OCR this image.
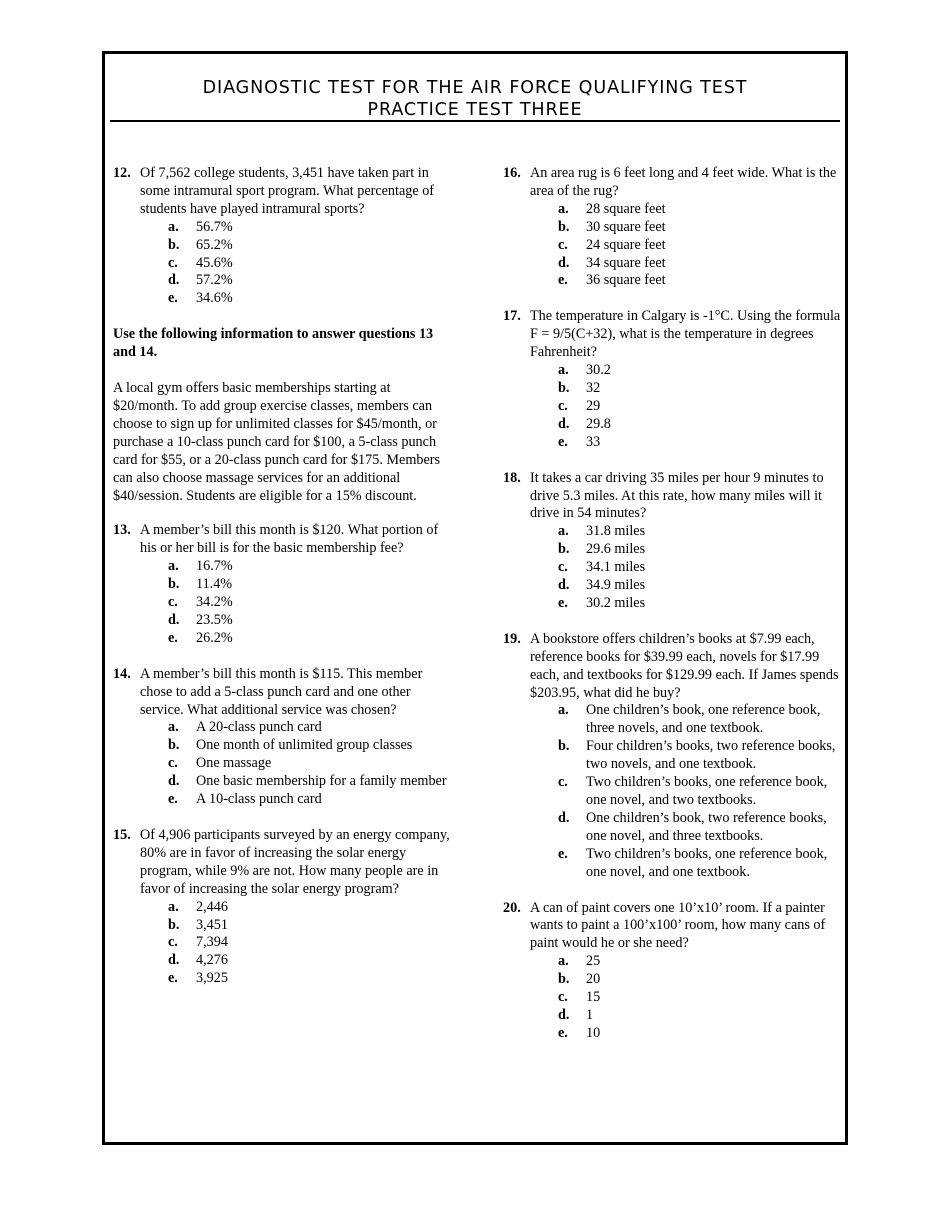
DIAGNOSTIC TEST FOR THE AIR FORCE QUALIFYING TEST
PRACTICE TEST THREE
12. Of 7,562 college students, 3,451 have taken part in some intramural sport program. What percentage of students have played intramural sports?
a. 56.7%
b. 65.2%
c. 45.6%
d. 57.2%
e. 34.6%
Use the following information to answer questions 13 and 14.
A local gym offers basic memberships starting at $20/month. To add group exercise classes, members can choose to sign up for unlimited classes for $45/month, or purchase a 10-class punch card for $100, a 5-class punch card for $55, or a 20-class punch card for $175. Members can also choose massage services for an additional $40/session. Students are eligible for a 15% discount.
13. A member’s bill this month is $120. What portion of his or her bill is for the basic membership fee?
a. 16.7%
b. 11.4%
c. 34.2%
d. 23.5%
e. 26.2%
14. A member’s bill this month is $115. This member chose to add a 5-class punch card and one other service. What additional service was chosen?
a. A 20-class punch card
b. One month of unlimited group classes
c. One massage
d. One basic membership for a family member
e. A 10-class punch card
15. Of 4,906 participants surveyed by an energy company, 80% are in favor of increasing the solar energy program, while 9% are not. How many people are in favor of increasing the solar energy program?
a. 2,446
b. 3,451
c. 7,394
d. 4,276
e. 3,925
16. An area rug is 6 feet long and 4 feet wide. What is the area of the rug?
a. 28 square feet
b. 30 square feet
c. 24 square feet
d. 34 square feet
e. 36 square feet
17. The temperature in Calgary is -1°C. Using the formula F = 9/5(C+32), what is the temperature in degrees Fahrenheit?
a. 30.2
b. 32
c. 29
d. 29.8
e. 33
18. It takes a car driving 35 miles per hour 9 minutes to drive 5.3 miles. At this rate, how many miles will it drive in 54 minutes?
a. 31.8 miles
b. 29.6 miles
c. 34.1 miles
d. 34.9 miles
e. 30.2 miles
19. A bookstore offers children’s books at $7.99 each, reference books for $39.99 each, novels for $17.99 each, and textbooks for $129.99 each. If James spends $203.95, what did he buy?
a. One children’s book, one reference book, three novels, and one textbook.
b. Four children’s books, two reference books, two novels, and one textbook.
c. Two children’s books, one reference book, one novel, and two textbooks.
d. One children’s book, two reference books, one novel, and three textbooks.
e. Two children’s books, one reference book, one novel, and one textbook.
20. A can of paint covers one 10’x10’ room. If a painter wants to paint a 100’x100’ room, how many cans of paint would he or she need?
a. 25
b. 20
c. 15
d. 1
e. 10
